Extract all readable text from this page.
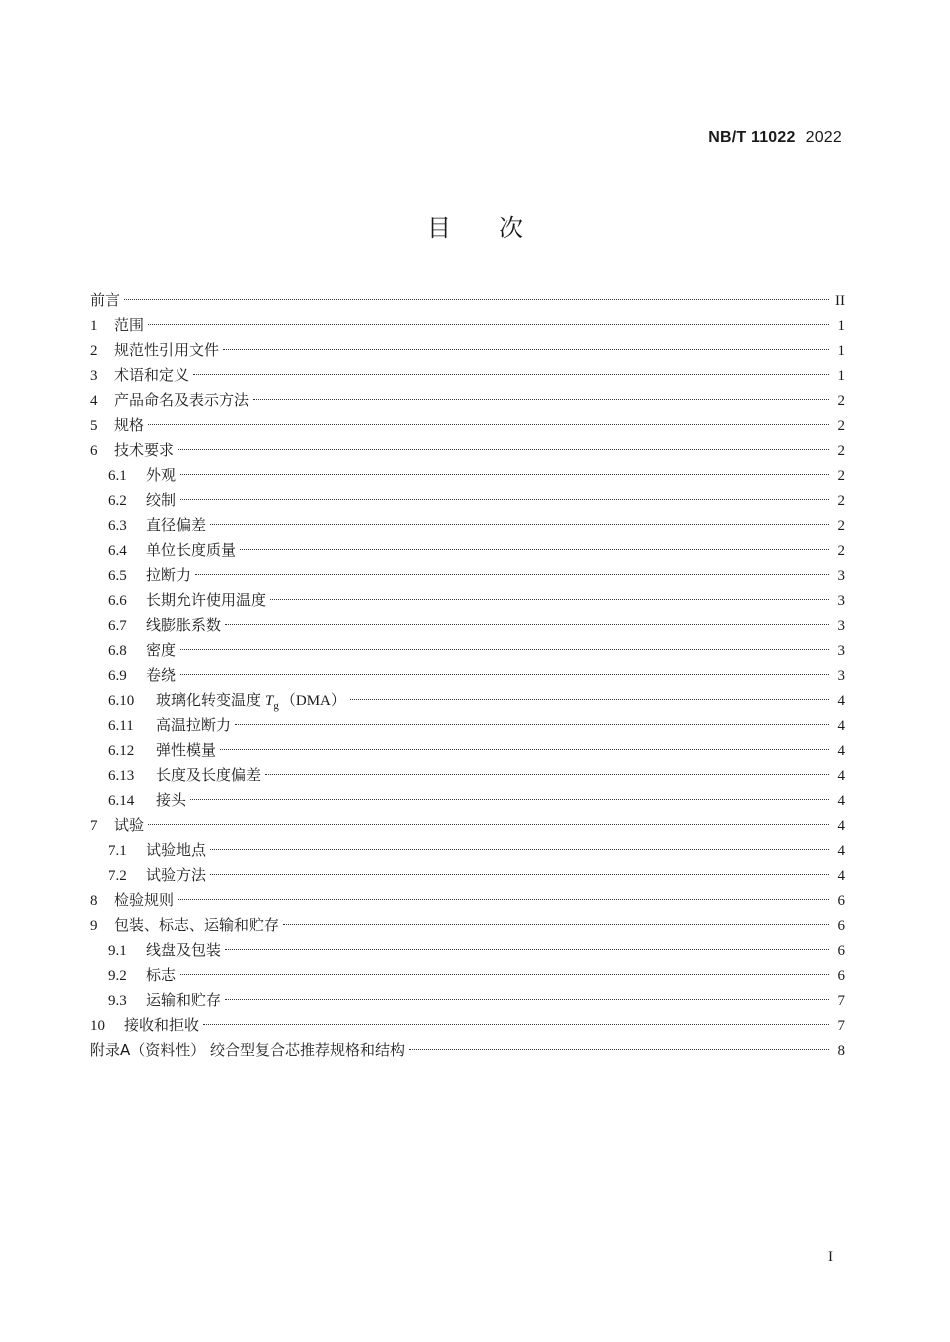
NB/T 11022 2022
目 次
前言	II
1	范围	1
2	规范性引用文件	1
3	术语和定义	1
4	产品命名及表示方法	2
5	规格	2
6	技术要求	2
6.1	外观	2
6.2	绞制	2
6.3	直径偏差	2
6.4	单位长度质量	2
6.5	拉断力	3
6.6	长期允许使用温度	3
6.7	线膨胀系数	3
6.8	密度	3
6.9	卷绕	3
6.10	玻璃化转变温度 $T_g$ （DMA）	4
6.11	高温拉断力	4
6.12	弹性模量	4
6.13	长度及长度偏差	4
6.14	接头	4
7	试验	4
7.1	试验地点	4
7.2	试验方法	4
8	检验规则	6
9	包装、标志、运输和贮存	6
9.1	线盘及包装	6
9.2	标志	6
9.3	运输和贮存	7
10	接收和拒收	7
附录A（资料性） 绞合型复合芯推荐规格和结构	8
I
